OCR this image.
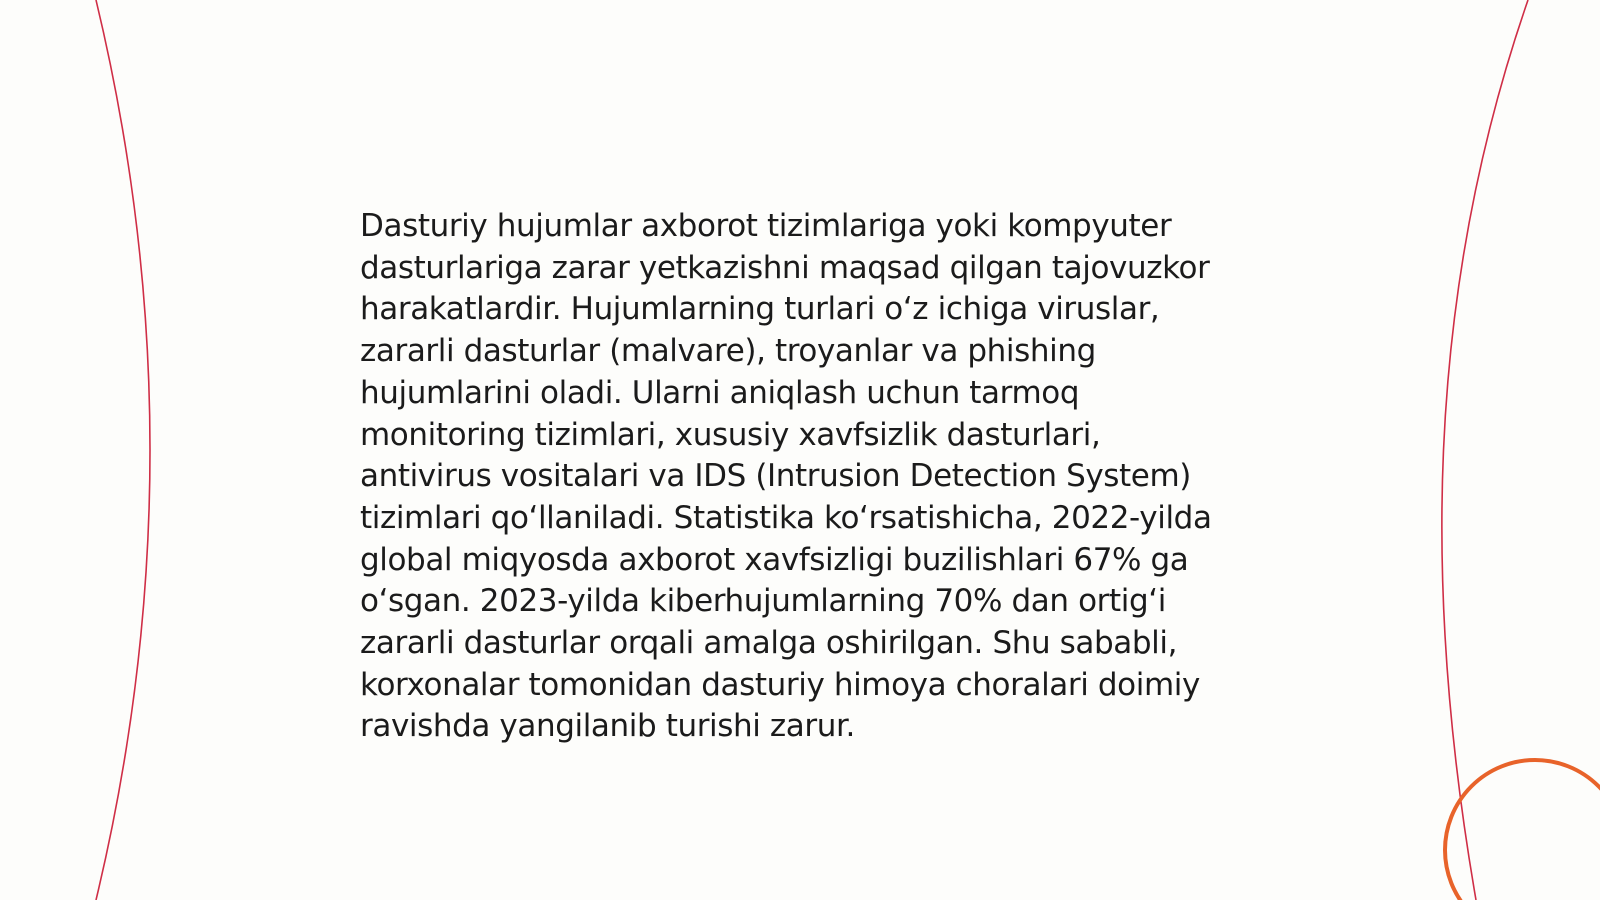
Dasturiy hujumlar axborot tizimlariga yoki kompyuter dasturlariga zarar yetkazishni maqsad qilgan tajovuzkor harakatlardir. Hujumlarning turlari o‘z ichiga viruslar, zararli dasturlar (malvare), troyanlar va phishing hujumlarini oladi. Ularni aniqlash uchun tarmoq monitoring tizimlari, xususiy xavfsizlik dasturlari, antivirus vositalari va IDS (Intrusion Detection System) tizimlari qo‘llaniladi. Statistika ko‘rsatishicha, 2022-yilda global miqyosda axborot xavfsizligi buzilishlari 67% ga o‘sgan. 2023-yilda kiberhujumlarning 70% dan ortig‘i zararli dasturlar orqali amalga oshirilgan. Shu sababli, korxonalar tomonidan dasturiy himoya choralari doimiy ravishda yangilanib turishi zarur.
